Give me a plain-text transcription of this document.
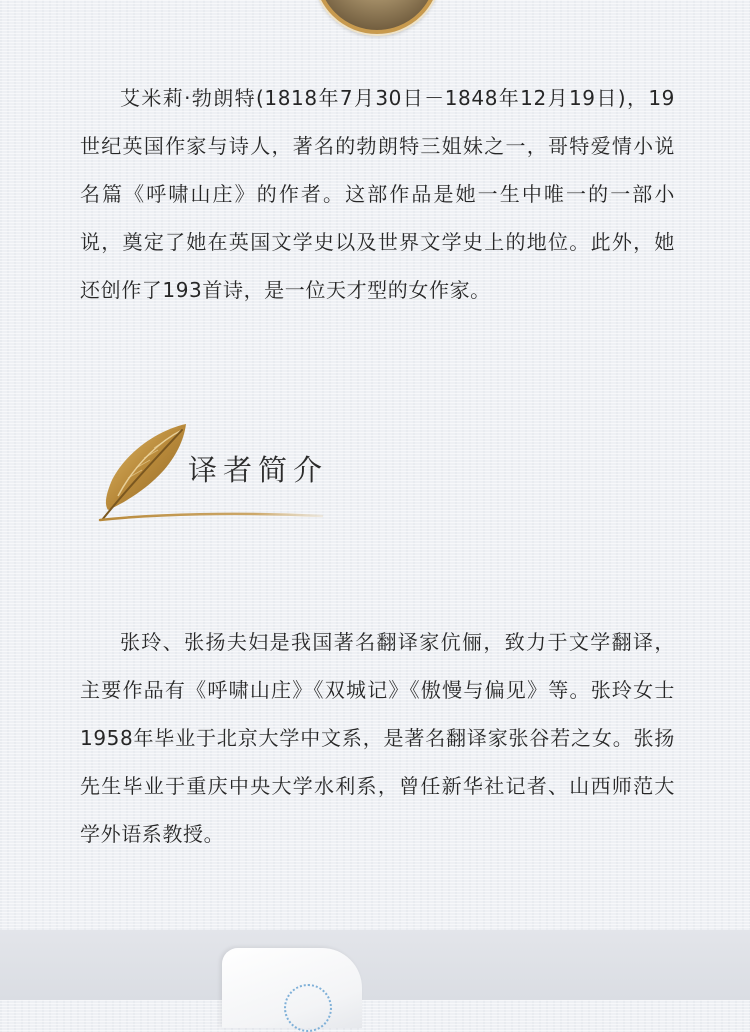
艾米莉·勃朗特(1818年7月30日－1848年12月19日)，19世纪英国作家与诗人，著名的勃朗特三姐妹之一，哥特爱情小说名篇《呼啸山庄》的作者。这部作品是她一生中唯一的一部小说，奠定了她在英国文学史以及世界文学史上的地位。此外，她还创作了193首诗，是一位天才型的女作家。

译者简介

张玲、张扬夫妇是我国著名翻译家伉俪，致力于文学翻译，主要作品有《呼啸山庄》《双城记》《傲慢与偏见》等。张玲女士1958年毕业于北京大学中文系，是著名翻译家张谷若之女。张扬先生毕业于重庆中央大学水利系，曾任新华社记者、山西师范大学外语系教授。
